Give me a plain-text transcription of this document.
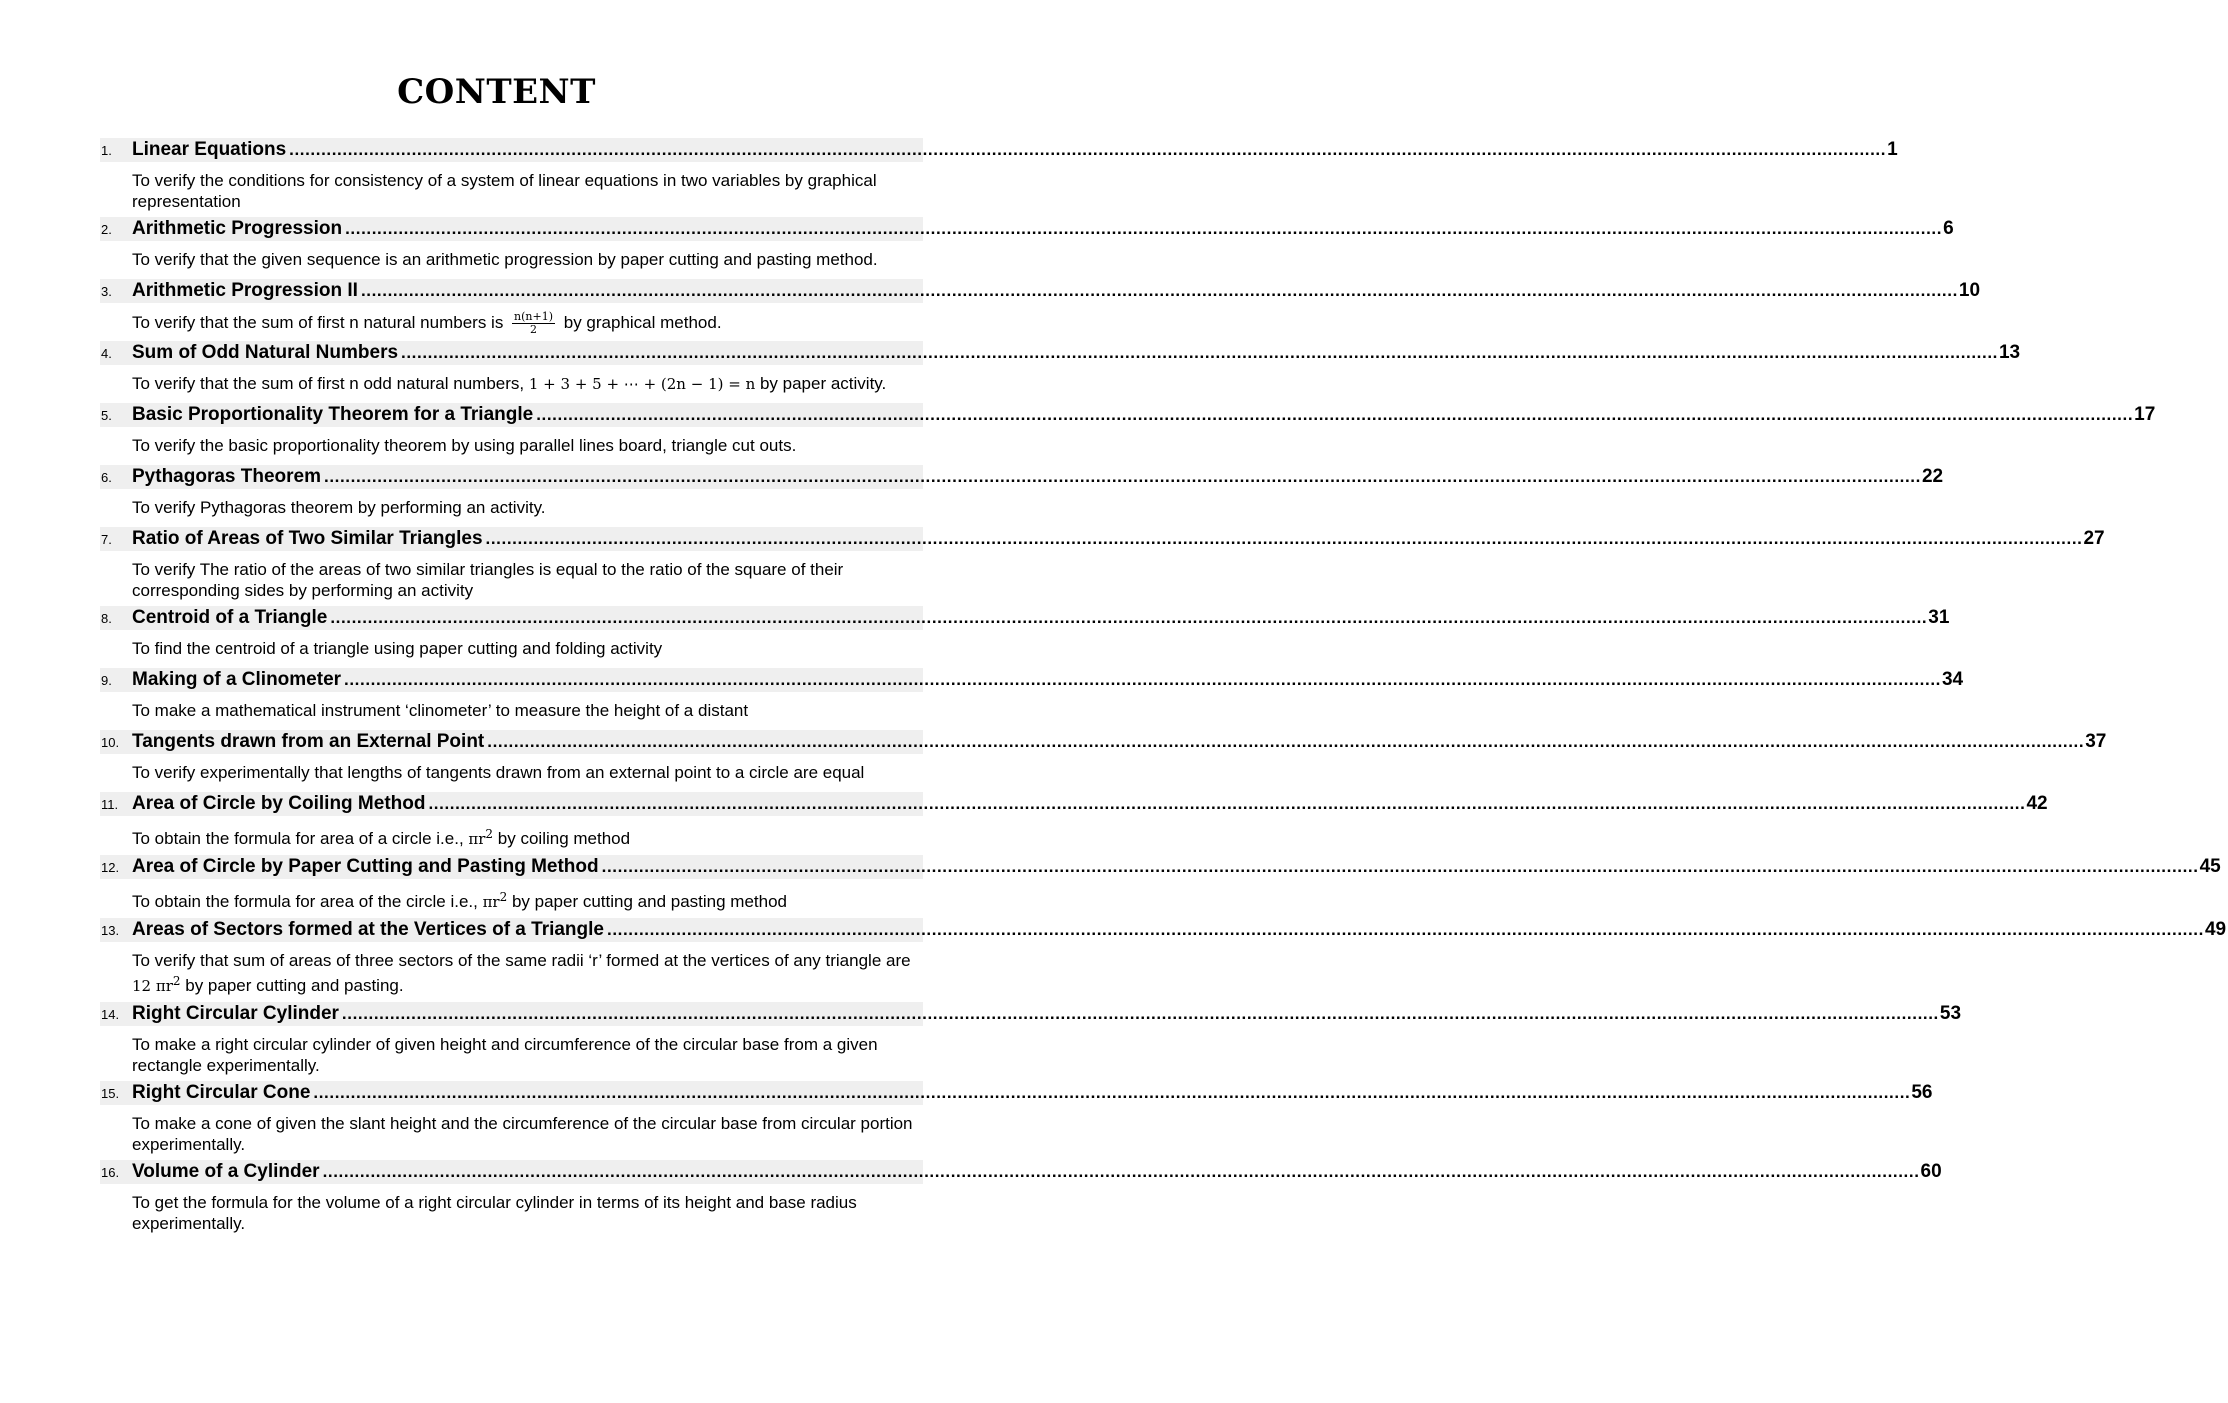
CONTENT
1.	Linear Equations ............................................................................................................................................................................................................................................................................................................ 1
To verify the conditions for consistency of a system of linear equations in two variables by graphical representation
2.	Arithmetic Progression ............................................................................................................................................................................................................................................................................................................ 6
To verify that the given sequence is an arithmetic progression by paper cutting and pasting method.
3.	Arithmetic Progression II ............................................................................................................................................................................................................................................................................................................ 10
To verify that the sum of first n natural numbers is $\frac{n(n+1)}{2}$ by graphical method.
4.	Sum of Odd Natural Numbers ............................................................................................................................................................................................................................................................................................................ 13
To verify that the sum of first n odd natural numbers, 1 + 3 + 5 + ⋯ + (2n − 1) = n by paper activity.
5.	Basic Proportionality Theorem for a Triangle ............................................................................................................................................................................................................................................................................................................ 17
To verify the basic proportionality theorem by using parallel lines board, triangle cut outs.
6.	Pythagoras Theorem ............................................................................................................................................................................................................................................................................................................ 22
To verify Pythagoras theorem by performing an activity.
7.	Ratio of Areas of Two Similar Triangles ............................................................................................................................................................................................................................................................................................................ 27
To verify The ratio of the areas of two similar triangles is equal to the ratio of the square of their corresponding sides by performing an activity
8.	Centroid of a Triangle ............................................................................................................................................................................................................................................................................................................ 31
To find the centroid of a triangle using paper cutting and folding activity
9.	Making of a Clinometer ............................................................................................................................................................................................................................................................................................................ 34
To make a mathematical instrument ‘clinometer’ to measure the height of a distant
10. Tangents drawn from an External Point ............................................................................................................................................................................................................................................................................................................ 37
To verify experimentally that lengths of tangents drawn from an external point to a circle are equal
11. Area of Circle by Coiling Method ............................................................................................................................................................................................................................................................................................................ 42
To obtain the formula for area of a circle i.e., $\pi r^2$ by coiling method
12. Area of Circle by Paper Cutting and Pasting Method ............................................................................................................................................................................................................................................................................................................ 45
To obtain the formula for area of the circle i.e., $\pi r^2$ by paper cutting and pasting method
13. Areas of Sectors formed at the Vertices of a Triangle ............................................................................................................................................................................................................................................................................................................ 49
To verify that sum of areas of three sectors of the same radii ‘r’ formed at the vertices of any triangle are 12 $\pi r^2$ by paper cutting and pasting.
14. Right Circular Cylinder ............................................................................................................................................................................................................................................................................................................ 53
To make a right circular cylinder of given height and circumference of the circular base from a given rectangle experimentally.
15. Right Circular Cone ............................................................................................................................................................................................................................................................................................................ 56
To make a cone of given the slant height and the circumference of the circular base from circular portion experimentally.
16. Volume of a Cylinder ............................................................................................................................................................................................................................................................................................................ 60
To get the formula for the volume of a right circular cylinder in terms of its height and base radius experimentally.
